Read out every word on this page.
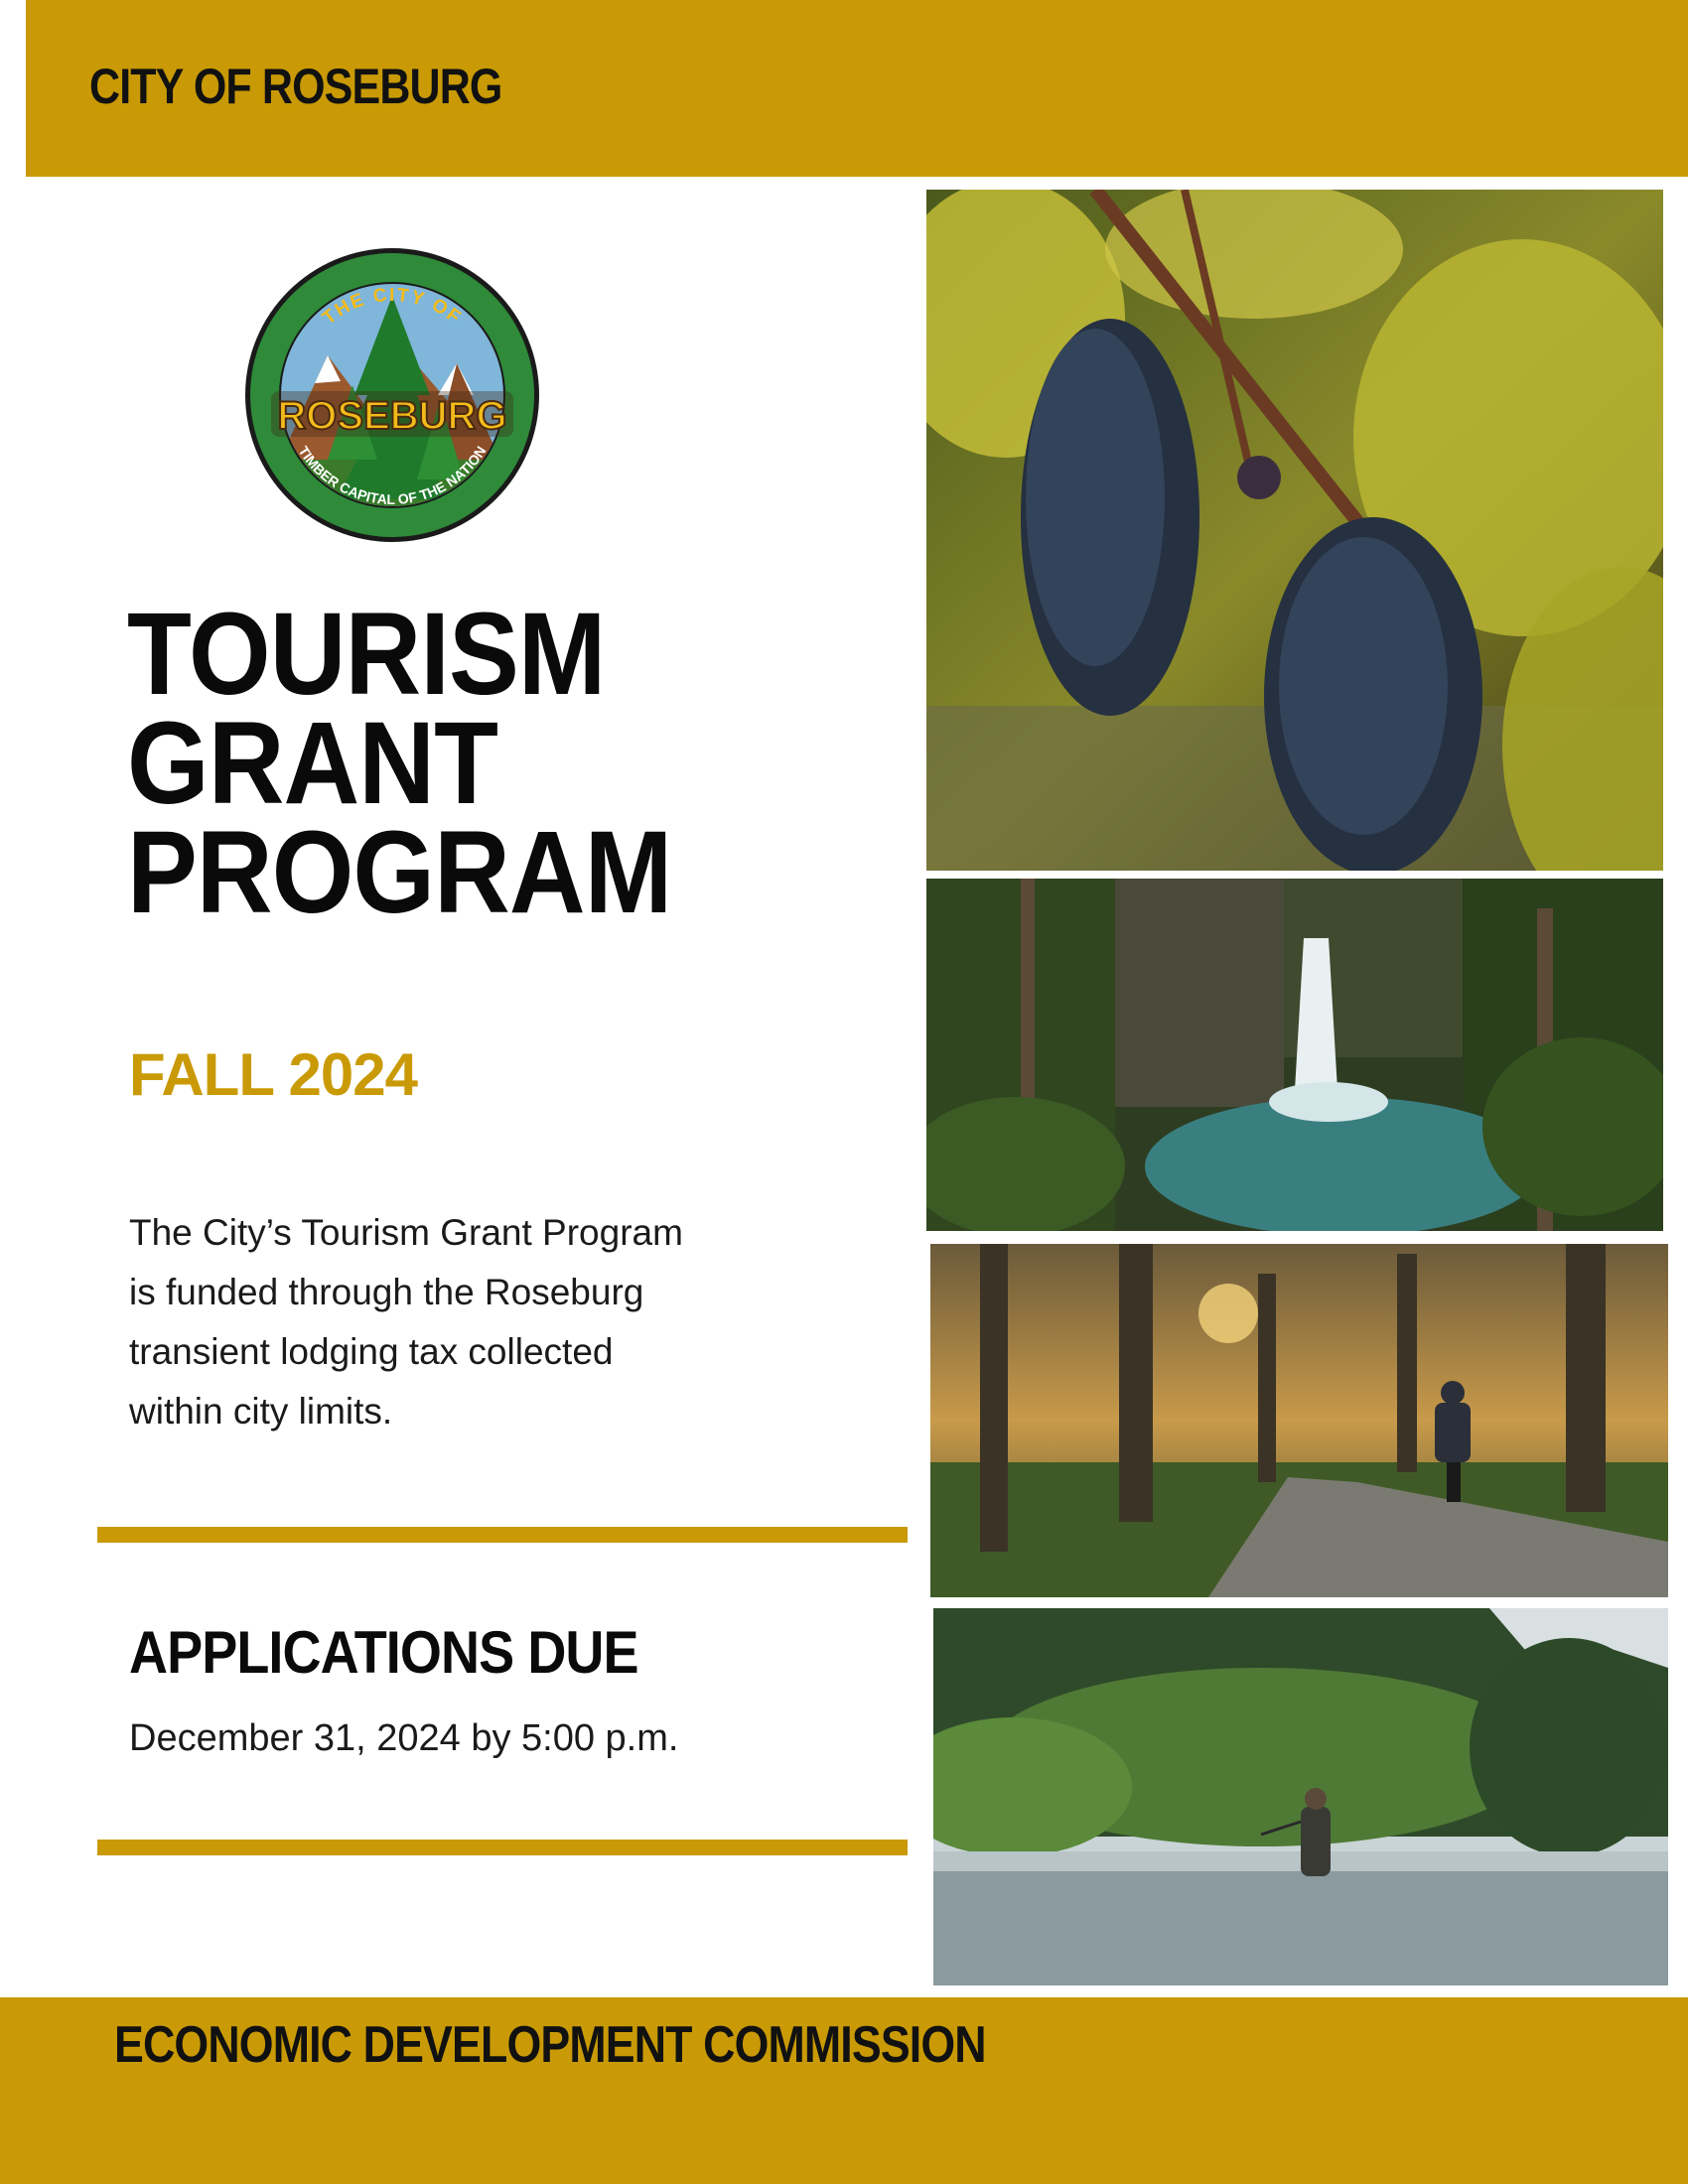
CITY OF ROSEBURG
ROSEBURG
THE CITY OF
TIMBER CAPITAL OF THE NATION
TOURISM
GRANT
PROGRAM
FALL 2024
The City’s Tourism Grant Program
is funded through the Roseburg
transient lodging tax collected
within city limits.
APPLICATIONS DUE
December 31, 2024 by 5:00 p.m.
ECONOMIC DEVELOPMENT COMMISSION
